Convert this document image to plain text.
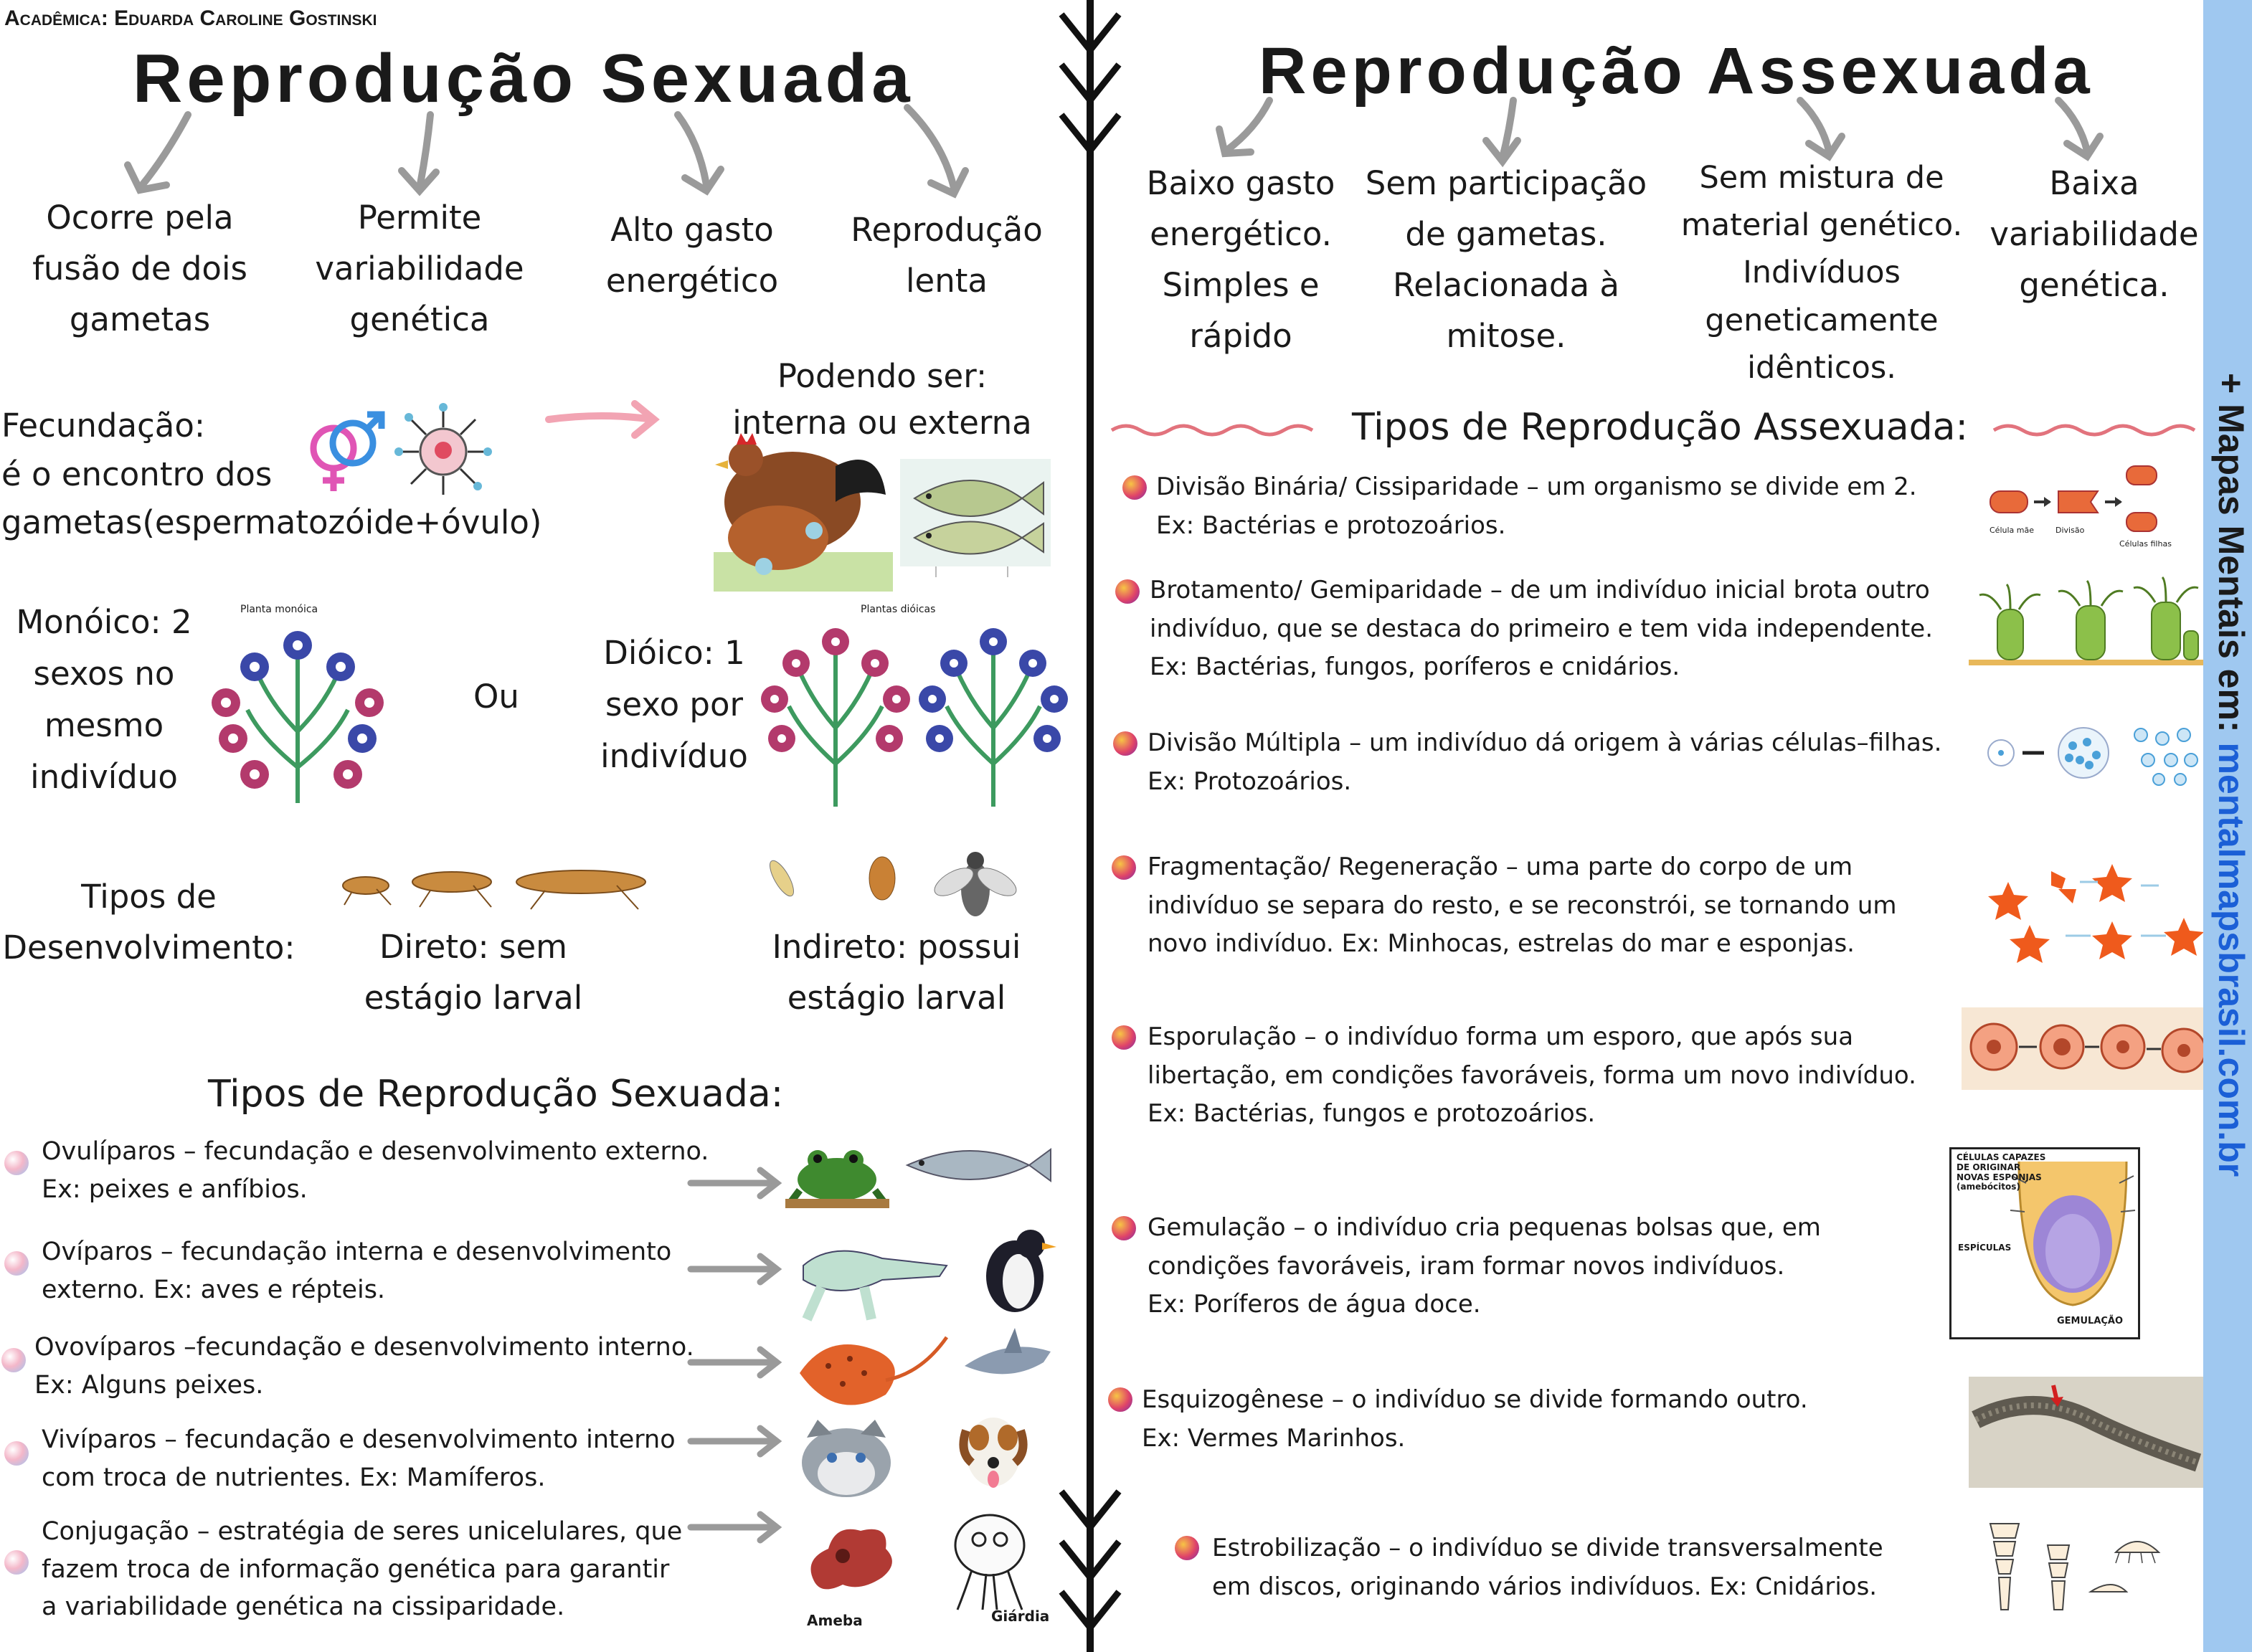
Acadêmica: Eduarda Caroline Gostinski
Reprodução Sexuada	Reprodução Assexuada
Ocorre pela
fusão de dois
gametas
Permite
variabilidade
genética
Alto gasto
energético
Reprodução
lenta
Fecundação:
é o encontro dos
gametas(espermatozóide+óvulo)
Podendo ser:
interna ou externa
Monóico: 2
sexos no
mesmo
indivíduo
Planta monóica
Ou
Dióico: 1
sexo por
indivíduo
Plantas dióicas
Tipos de
Desenvolvimento:	Direto: sem
estágio larval
Indireto: possui
estágio larval
Tipos de Reprodução Sexuada:
Ovulíparos – fecundação e desenvolvimento externo.
Ex: peixes e anfíbios.
Ovíparos – fecundação interna e desenvolvimento
externo. Ex: aves e répteis.
Ovovíparos –fecundação e desenvolvimento interno.
Ex: Alguns peixes.
Vivíparos – fecundação e desenvolvimento interno
com troca de nutrientes. Ex: Mamíferos.
Conjugação – estratégia de seres unicelulares, que
fazem troca de informação genética para garantir
a variabilidade genética na cissiparidade.	Ameba	Giárdia
Baixo gasto
energético.
Simples e
rápido
Sem participação
de gametas.
Relacionada à
mitose.
Sem mistura de
material genético.
Indivíduos
geneticamente
idênticos.
Baixa
variabilidade
genética.
Tipos de Reprodução Assexuada:
Divisão Binária/ Cissiparidade – um organismo se divide em 2.
Ex: Bactérias e protozoários.
Brotamento/ Gemiparidade – de um indivíduo inicial brota outro
indivíduo, que se destaca do primeiro e tem vida independente.
Ex: Bactérias, fungos, poríferos e cnidários.
Divisão Múltipla – um indivíduo dá origem à várias células–filhas.
Ex: Protozoários.
Fragmentação/ Regeneração – uma parte do corpo de um
indivíduo se separa do resto, e se reconstrói, se tornando um
novo indivíduo. Ex: Minhocas, estrelas do mar e esponjas.
Esporulação – o indivíduo forma um esporo, que após sua
libertação, em condições favoráveis, forma um novo indivíduo.
Ex: Bactérias, fungos e protozoários.
Gemulação – o indivíduo cria pequenas bolsas que, em
condições favoráveis, iram formar novos indivíduos.
Ex: Poríferos de água doce.
Esquizogênese – o indivíduo se divide formando outro.
Ex: Vermes Marinhos.
Estrobilização – o indivíduo se divide transversalmente
em discos, originando vários indivíduos. Ex: Cnidários.
Célula mãe	Divisão
Células filhas
CÉLULAS CAPAZES
DE ORIGINAR
NOVAS ESPONJAS
(amebócitos)
ESPÍCULAS
GEMULAÇÃO
+ Mapas Mentais em: mentalmapsbrasil.com.br
